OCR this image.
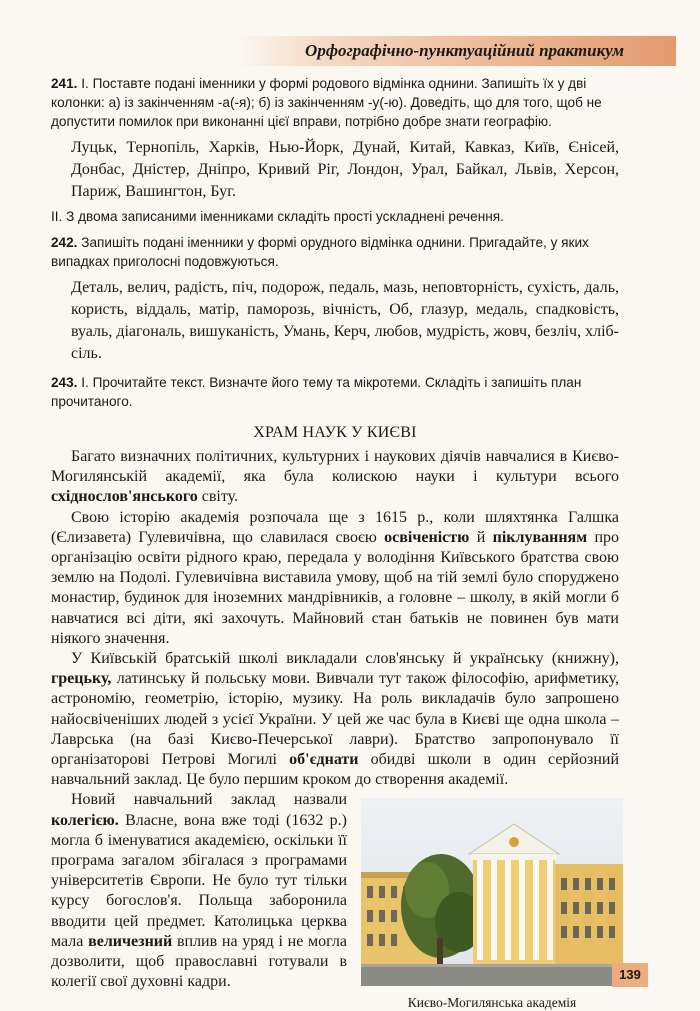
Орфографічно-пунктуаційний практикум

241. І. Поставте подані іменники у формі родового відмінка однини. Запишіть їх у дві колонки: а) із закінченням -а(-я); б) із закінченням -у(-ю). Доведіть, що для того, щоб не допустити помилок при виконанні цієї вправи, потрібно добре знати географію.

Луцьк, Тернопіль, Харків, Нью-Йорк, Дунай, Китай, Кавказ, Київ, Єнісей, Донбас, Дністер, Дніпро, Кривий Ріг, Лондон, Урал, Байкал, Львів, Херсон, Париж, Вашингтон, Буг.

ІІ. З двома записаними іменниками складіть прості ускладнені речення.

242. Запишіть подані іменники у формі орудного відмінка однини. Пригадайте, у яких випадках приголосні подовжуються.

Деталь, велич, радість, піч, подорож, педаль, мазь, неповторність, сухість, даль, користь, віддаль, матір, паморозь, вічність, Об, глазур, медаль, спадковість, вуаль, діагональ, вишуканість, Умань, Керч, любов, мудрість, жовч, безліч, хліб-сіль.

243. І. Прочитайте текст. Визначте його тему та мікротеми. Складіть і запишіть план прочитаного.

ХРАМ НАУК У КИЄВІ

Багато визначних політичних, культурних і наукових діячів навчалися в Києво-Могилянській академії, яка була колискою науки і культури всього східнослов'янського світу.

Свою історію академія розпочала ще з 1615 р., коли шляхтянка Галшка (Єлизавета) Гулевичівна, що славилася своєю освіченістю й піклуванням про організацію освіти рідного краю, передала у володіння Київського братства свою землю на Подолі. Гулевичівна виставила умову, щоб на тій землі було споруджено монастир, будинок для іноземних мандрівників, а головне – школу, в якій могли б навчатися всі діти, які захочуть. Майновий стан батьків не повинен був мати ніякого значення.

У Київській братській школі викладали слов'янську й українську (книжну), грецьку, латинську й польську мови. Вивчали тут також філософію, арифметику, астрономію, геометрію, історію, музику. На роль викладачів було запрошено найосвіченіших людей з усієї України. У цей же час була в Києві ще одна школа – Лаврська (на базі Києво-Печерської лаври). Братство запропонувало її організаторові Петрові Могилі об'єднати обидві школи в один серйозний навчальний заклад. Це було першим кроком до створення академії.

Києво-Могилянська академія

Новий навчальний заклад назвали колегією. Власне, вона вже тоді (1632 р.) могла б іменуватися академією, оскільки її програма загалом збігалася з програмами університетів Європи. Не було тут тільки курсу богослов'я. Польща заборонила вводити цей предмет. Католицька церква мала величезний вплив на уряд і не могла дозволити, щоб православні готували в колегії свої духовні кадри.	139
